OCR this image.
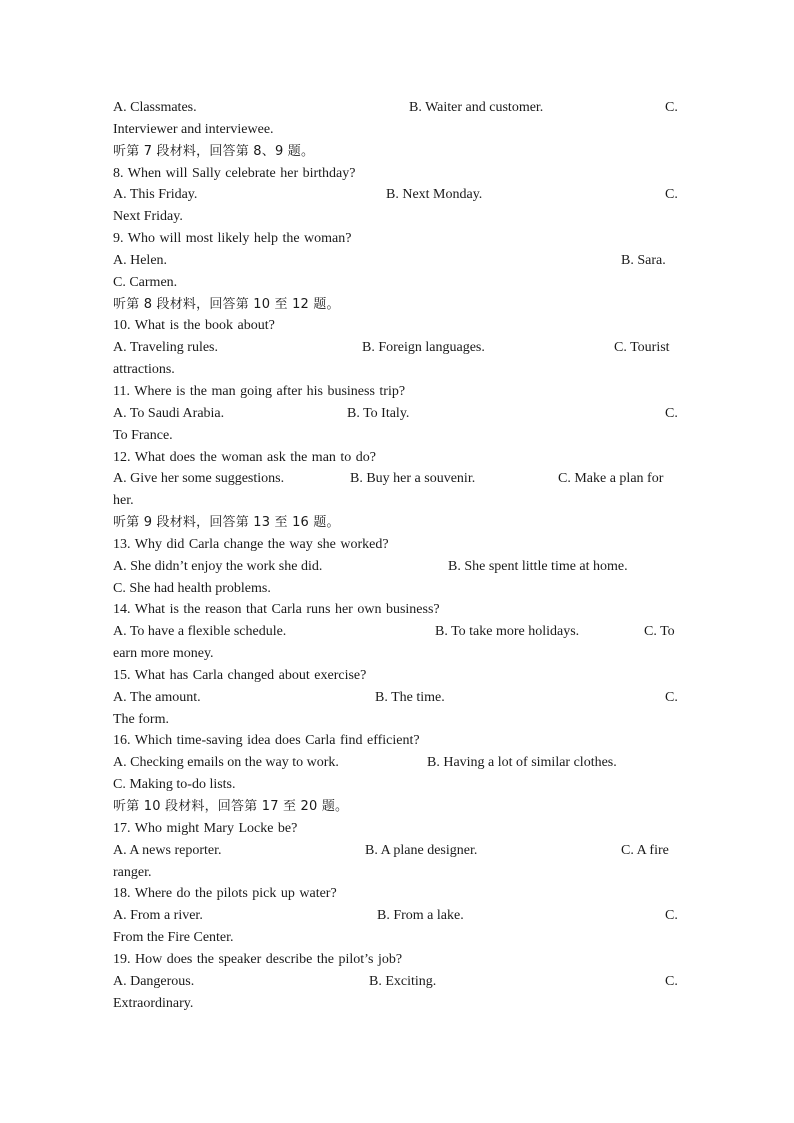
A. Classmates.	B. Waiter and customer.	C.
Interviewer and interviewee.
听第 7 段材料，回答第 8、9 题。
8. When will Sally celebrate her birthday?
A. This Friday.	B. Next Monday.	C.
Next Friday.
9. Who will most likely help the woman?
A. Helen.	B. Sara.
C. Carmen.
听第 8 段材料，回答第 10 至 12 题。
10. What is the book about?
A. Traveling rules.	B. Foreign languages.	C. Tourist
attractions.
11. Where is the man going after his business trip?
A. To Saudi Arabia.	B. To Italy.	C.
To France.
12. What does the woman ask the man to do?
A. Give her some suggestions.	B. Buy her a souvenir.	C. Make a plan for
her.
听第 9 段材料，回答第 13 至 16 题。
13. Why did Carla change the way she worked?
A. She didn’t enjoy the work she did.	B. She spent little time at home.
C. She had health problems.
14. What is the reason that Carla runs her own business?
A. To have a flexible schedule.	B. To take more holidays.	C. To
earn more money.
15. What has Carla changed about exercise?
A. The amount.	B. The time.	C.
The form.
16. Which time-saving idea does Carla find efficient?
A. Checking emails on the way to work.	B. Having a lot of similar clothes.
C. Making to-do lists.
听第 10 段材料，回答第 17 至 20 题。
17. Who might Mary Locke be?
A. A news reporter.	B. A plane designer.	C. A fire
ranger.
18. Where do the pilots pick up water?
A. From a river.	B. From a lake.	C.
From the Fire Center.
19. How does the speaker describe the pilot’s job?
A. Dangerous.	B. Exciting.	C.
Extraordinary.
